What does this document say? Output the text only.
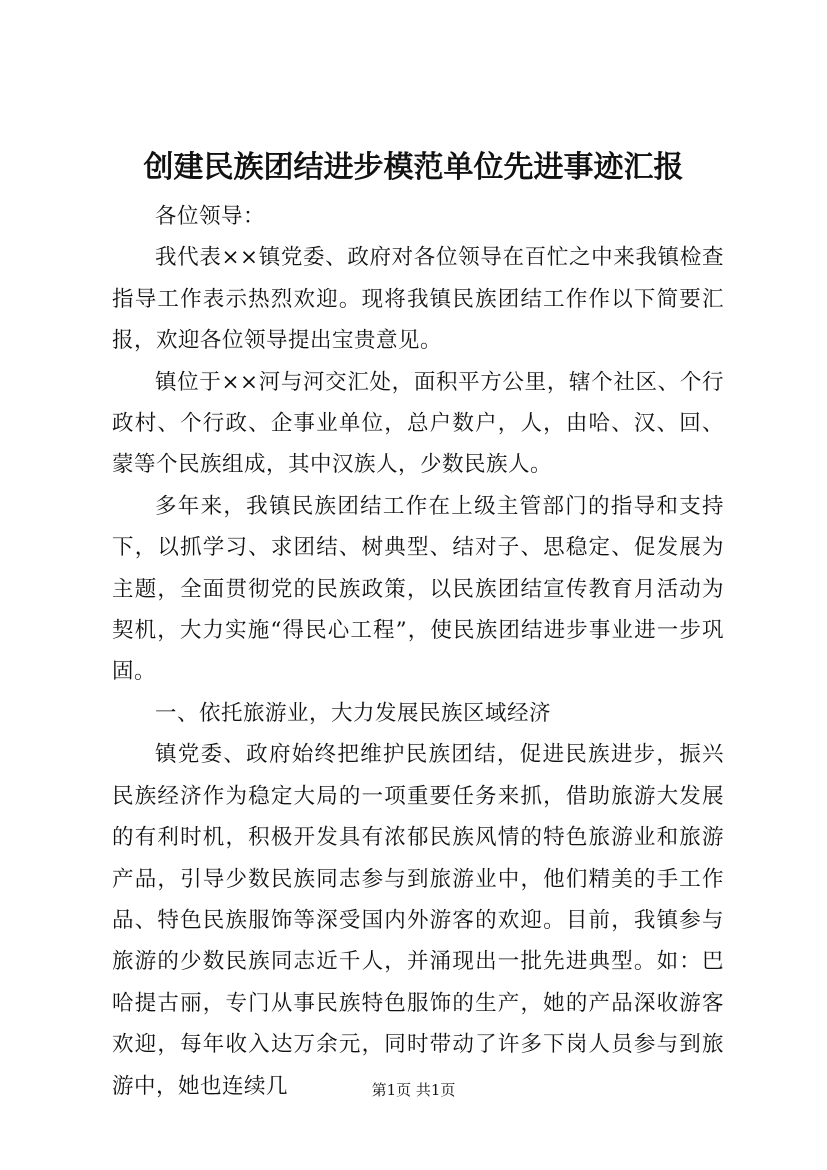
创建民族团结进步模范单位先进事迹汇报

各位领导：

我代表××镇党委、政府对各位领导在百忙之中来我镇检查指导工作表示热烈欢迎。现将我镇民族团结工作作以下简要汇报，欢迎各位领导提出宝贵意见。

镇位于××河与河交汇处，面积平方公里，辖个社区、个行政村、个行政、企事业单位，总户数户，人，由哈、汉、回、蒙等个民族组成，其中汉族人，少数民族人。

多年来，我镇民族团结工作在上级主管部门的指导和支持下，以抓学习、求团结、树典型、结对子、思稳定、促发展为主题，全面贯彻党的民族政策，以民族团结宣传教育月活动为契机，大力实施“得民心工程”，使民族团结进步事业进一步巩固。

一、依托旅游业，大力发展民族区域经济

镇党委、政府始终把维护民族团结，促进民族进步，振兴民族经济作为稳定大局的一项重要任务来抓，借助旅游大发展的有利时机，积极开发具有浓郁民族风情的特色旅游业和旅游产品，引导少数民族同志参与到旅游业中，他们精美的手工作品、特色民族服饰等深受国内外游客的欢迎。目前，我镇参与旅游的少数民族同志近千人，并涌现出一批先进典型。如：巴哈提古丽，专门从事民族特色服饰的生产，她的产品深收游客欢迎，每年收入达万余元，同时带动了许多下岗人员参与到旅游中，她也连续几	第1页 共1页
